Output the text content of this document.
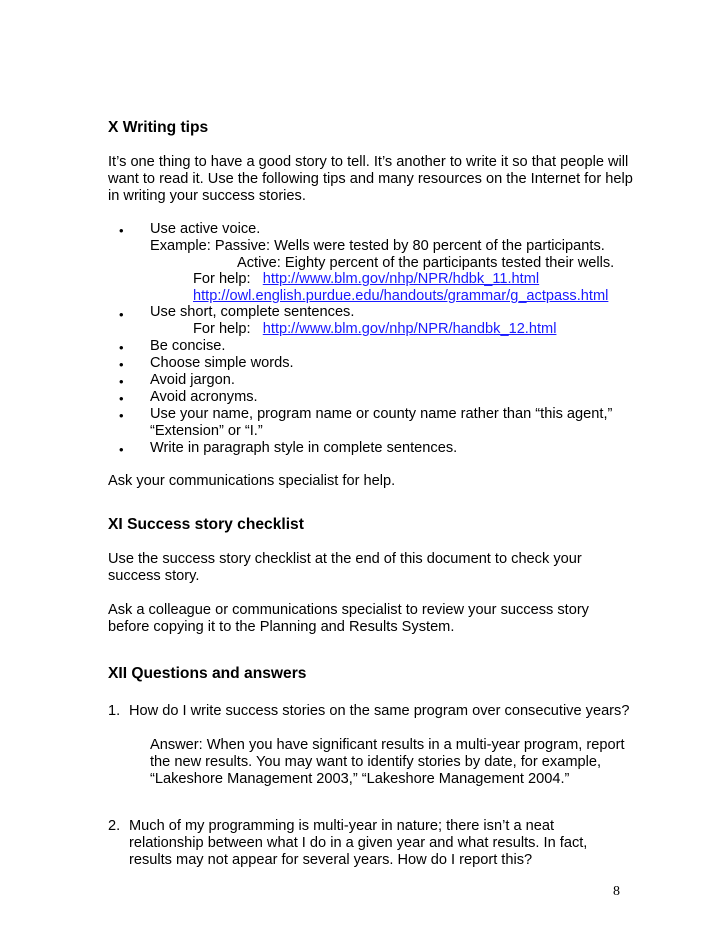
X Writing tips
It’s one thing to have a good story to tell. It’s another to write it so that people will
want to read it. Use the following tips and many resources on the Internet for help
in writing your success stories.
• Use active voice.
Example: Passive: Wells were tested by 80 percent of the participants.
Active: Eighty percent of the participants tested their wells.
For help: http://www.blm.gov/nhp/NPR/hdbk_11.html
http://owl.english.purdue.edu/handouts/grammar/g_actpass.html
• Use short, complete sentences.
For help: http://www.blm.gov/nhp/NPR/handbk_12.html
• Be concise.
• Choose simple words.
• Avoid jargon.
• Avoid acronyms.
• Use your name, program name or county name rather than “this agent,”
“Extension” or “I.”
• Write in paragraph style in complete sentences.
Ask your communications specialist for help.
XI Success story checklist
Use the success story checklist at the end of this document to check your
success story.
Ask a colleague or communications specialist to review your success story
before copying it to the Planning and Results System.
XII Questions and answers
1. How do I write success stories on the same program over consecutive years?
Answer: When you have significant results in a multi-year program, report
the new results. You may want to identify stories by date, for example,
“Lakeshore Management 2003,” “Lakeshore Management 2004.”
2. Much of my programming is multi-year in nature; there isn’t a neat
relationship between what I do in a given year and what results. In fact,
results may not appear for several years. How do I report this?
8
